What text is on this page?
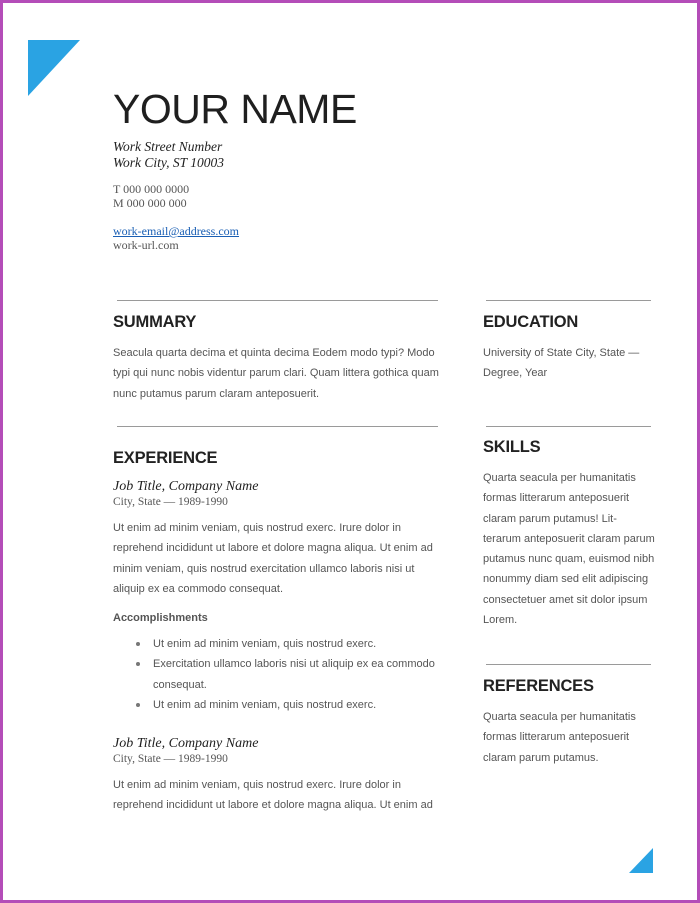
YOUR NAME
Work Street Number
Work City, ST 10003
T 000 000 0000
M 000 000 000
work-email@address.com
work-url.com
SUMMARY
Seacula quarta decima et quinta decima Eodem modo typi? Modo
typi qui nunc nobis videntur parum clari. Quam littera gothica quam
nunc putamus parum claram anteposuerit.
EXPERIENCE
Job Title, Company Name
City, State — 1989-1990
Ut enim ad minim veniam, quis nostrud exerc. Irure dolor in
reprehend incididunt ut labore et dolore magna aliqua. Ut enim ad
minim veniam, quis nostrud exercitation ullamco laboris nisi ut
aliquip ex ea commodo consequat.
Accomplishments
Ut enim ad minim veniam, quis nostrud exerc.
Exercitation ullamco laboris nisi ut aliquip ex ea commodo
consequat.
Ut enim ad minim veniam, quis nostrud exerc.
Job Title, Company Name
City, State — 1989-1990
Ut enim ad minim veniam, quis nostrud exerc. Irure dolor in
reprehend incididunt ut labore et dolore magna aliqua. Ut enim ad
EDUCATION
University of State City, State —
Degree, Year
SKILLS
Quarta seacula per humanitatis
formas litterarum anteposuerit
claram parum putamus! Lit-
terarum anteposuerit claram parum
putamus nunc quam, euismod nibh
nonummy diam sed elit adipiscing
consectetuer amet sit dolor ipsum
Lorem.
REFERENCES
Quarta seacula per humanitatis
formas litterarum anteposuerit
claram parum putamus.
